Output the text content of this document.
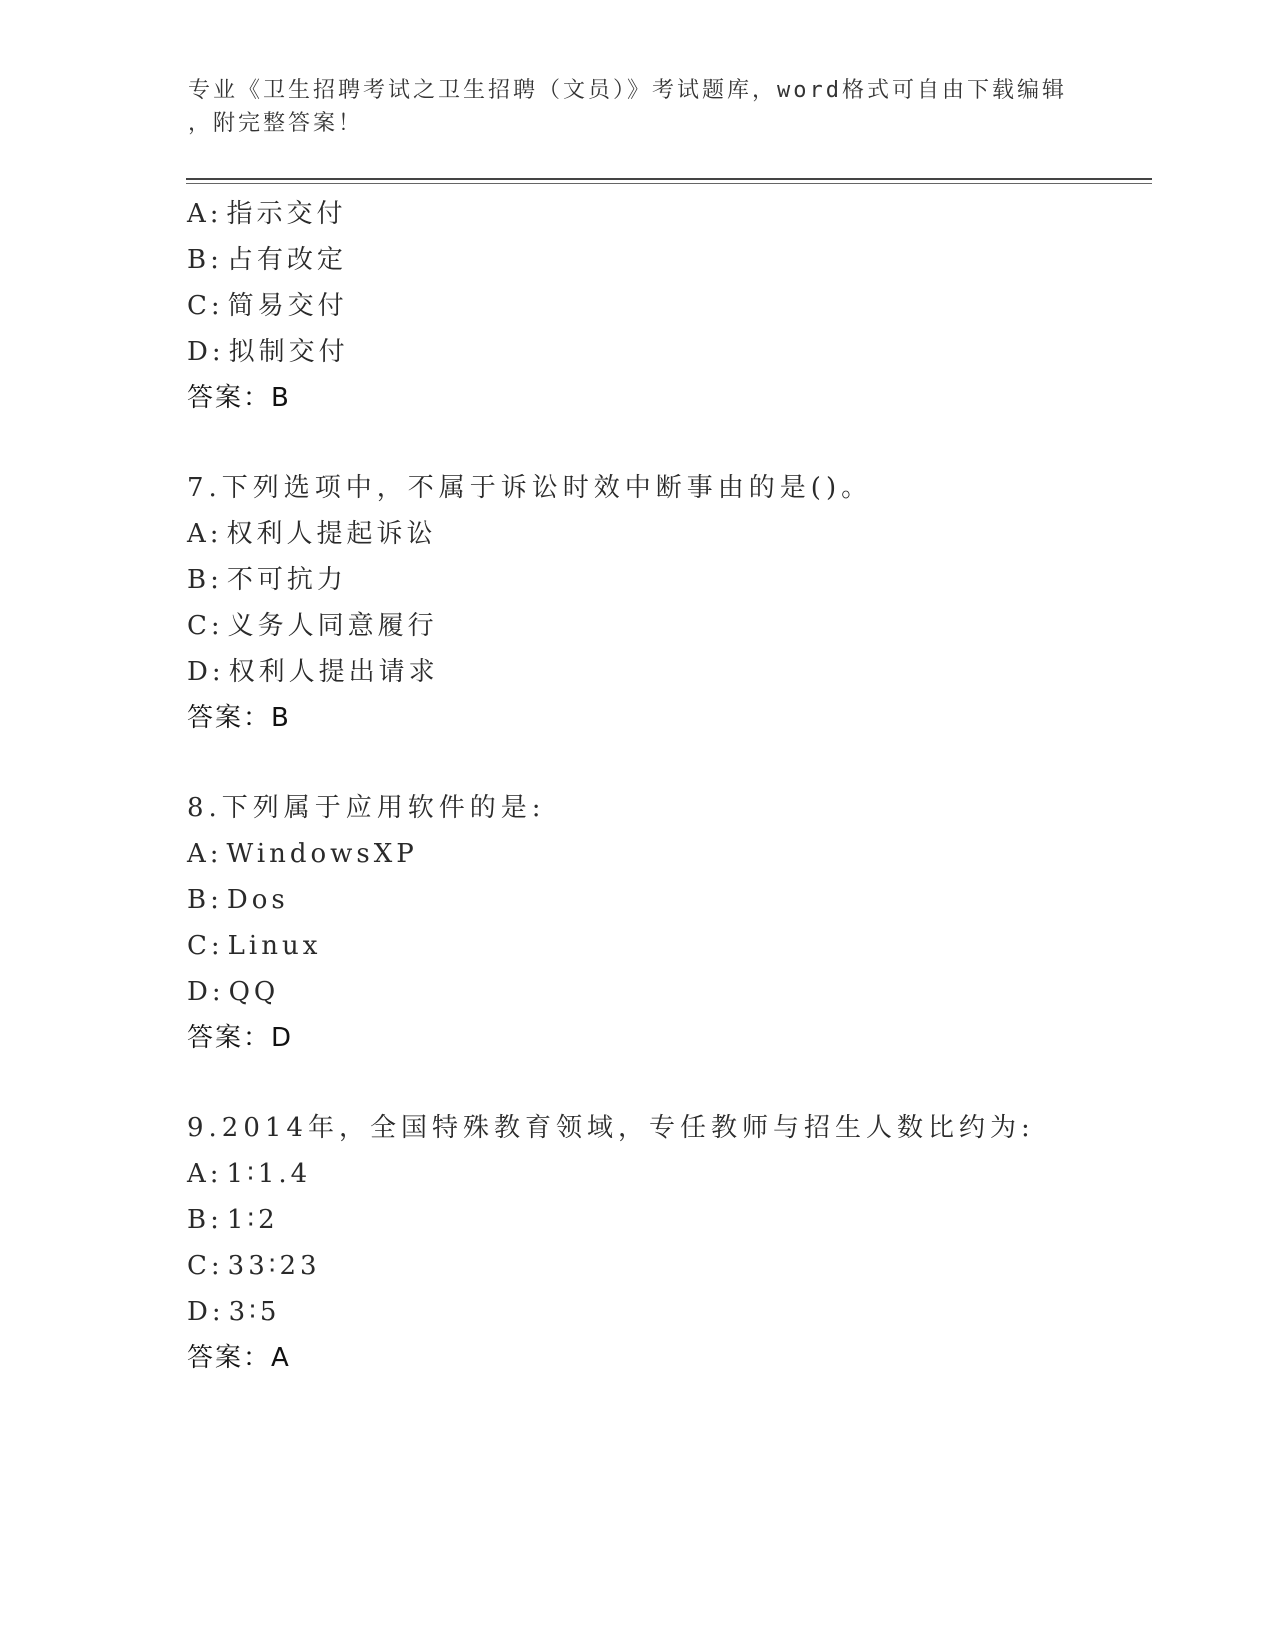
专业《卫生招聘考试之卫生招聘（文员）》考试题库，word格式可自由下载编辑
，附完整答案！
A: 指示交付
B: 占有改定
C: 简易交付
D: 拟制交付
答案：B
7.下列选项中，不属于诉讼时效中断事由的是()。
A: 权利人提起诉讼
B: 不可抗力
C: 义务人同意履行
D: 权利人提出请求
答案：B
8.下列属于应用软件的是:
A: WindowsXP
B: Dos
C: Linux
D: QQ
答案：D
9.2014年，全国特殊教育领域，专任教师与招生人数比约为:
A: 1∶1.4
B: 1∶2
C: 33∶23
D: 3∶5
答案：A
